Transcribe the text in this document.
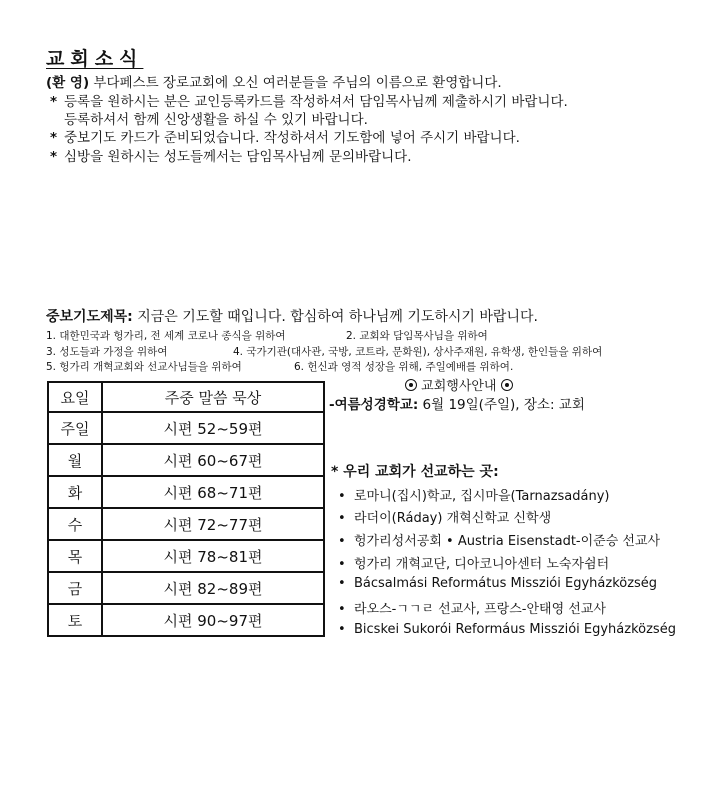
교회소식
(환 영) 부다페스트 장로교회에 오신 여러분들을 주님의 이름으로 환영합니다.
* 등록을 원하시는 분은 교인등록카드를 작성하셔서 담임목사님께 제출하시기 바랍니다.
등록하셔서 함께 신앙생활을 하실 수 있기 바랍니다.
* 중보기도 카드가 준비되었습니다. 작성하셔서 기도함에 넣어 주시기 바랍니다.
* 심방을 원하시는 성도들께서는 담임목사님께 문의바랍니다.
중보기도제목: 지금은 기도할 때입니다. 합심하여 하나님께 기도하시기 바랍니다.
1. 대한민국과 헝가리, 전 세계 코로나 종식을 위하여	2. 교회와 담임목사님을 위하여
3. 성도들과 가정을 위하여	4. 국가기관(대사관, 국방, 코트라, 문화원), 상사주재원, 유학생, 한인들을 위하여
5. 헝가리 개혁교회와 선교사님들을 위하여	6. 헌신과 영적 성장을 위해, 주일예배를 위하여.
요일	주중 말씀 묵상
주일	시편 52~59편
월	시편 60~67편
화	시편 68~71편
수	시편 72~77편
목	시편 78~81편
금	시편 82~89편
토	시편 90~97편
교회행사안내
-여름성경학교: 6월 19일(주일), 장소: 교회
* 우리 교회가 선교하는 곳:
• 로마니(집시)학교, 집시마을(Tarnazsadány)
• 라더이(Ráday) 개혁신학교 신학생
• 헝가리성서공회 • Austria Eisenstadt-이준승 선교사
• 헝가리 개혁교단, 디아코니아센터 노숙자쉼터
• Bácsalmási Református Missziói Egyházközség
• 라오스-ㄱㄱㄹ 선교사, 프랑스-안태영 선교사
• Bicskei Sukorói Reformáus Missziói Egyházközség
